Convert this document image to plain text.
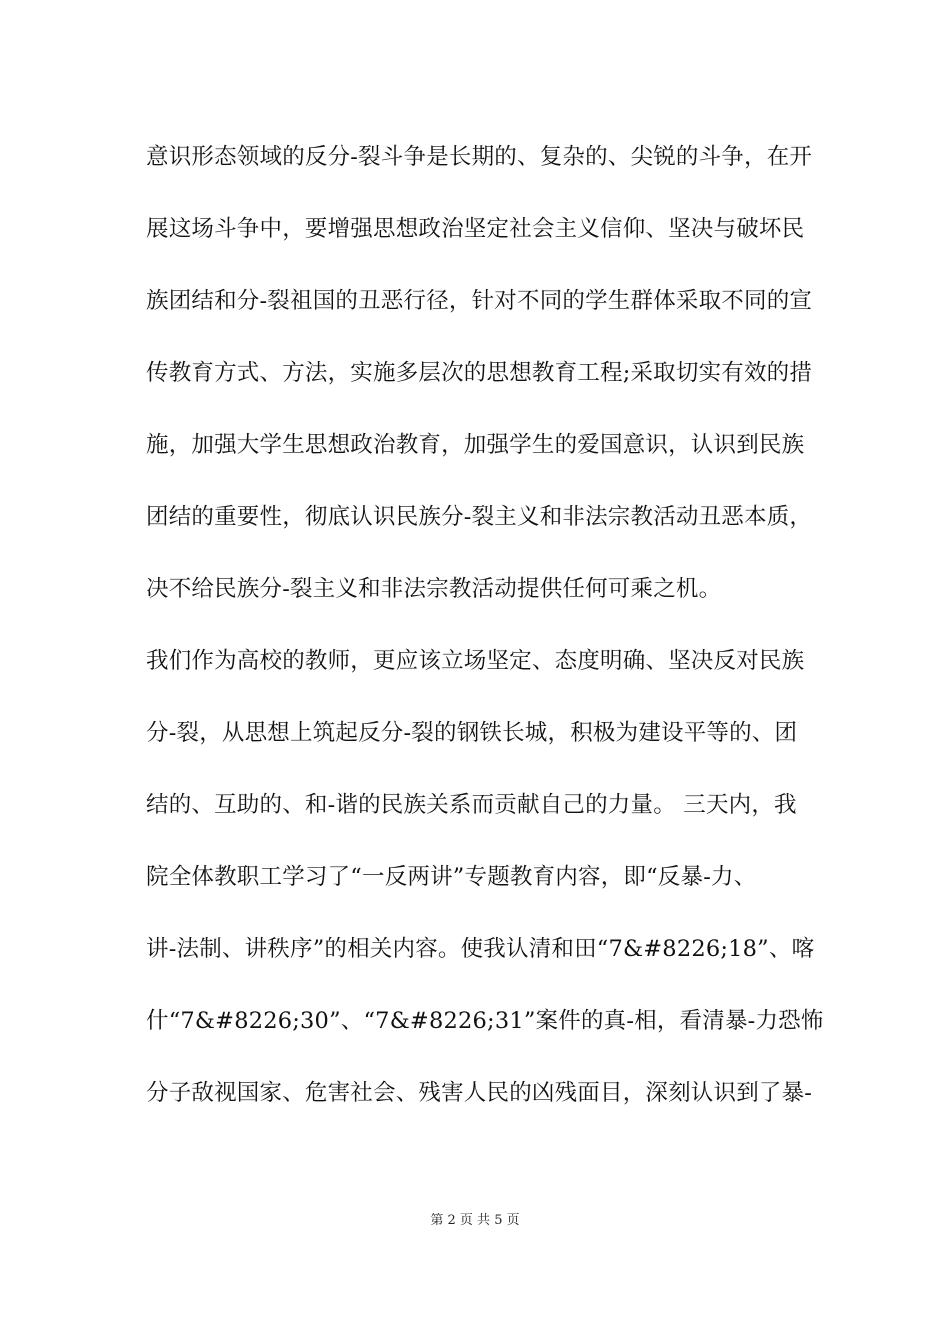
意识形态领域的反分-裂斗争是长期的、复杂的、尖锐的斗争，在开
展这场斗争中，要增强思想政治坚定社会主义信仰、坚决与破坏民
族团结和分-裂祖国的丑恶行径，针对不同的学生群体采取不同的宣
传教育方式、方法，实施多层次的思想教育工程;采取切实有效的措
施，加强大学生思想政治教育，加强学生的爱国意识，认识到民族
团结的重要性，彻底认识民族分-裂主义和非法宗教活动丑恶本质，
决不给民族分-裂主义和非法宗教活动提供任何可乘之机。
我们作为高校的教师，更应该立场坚定、态度明确、坚决反对民族
分-裂，从思想上筑起反分-裂的钢铁长城，积极为建设平等的、团
结的、互助的、和-谐的民族关系而贡献自己的力量。 三天内，我
院全体教职工学习了“一反两讲”专题教育内容，即“反暴-力、
讲-法制、讲秩序”的相关内容。使我认清和田“7&#8226;18”、喀
什“7&#8226;30”、“7&#8226;31”案件的真-相，看清暴-力恐怖
分子敌视国家、危害社会、残害人民的凶残面目，深刻认识到了暴-
第 2 页 共 5 页
